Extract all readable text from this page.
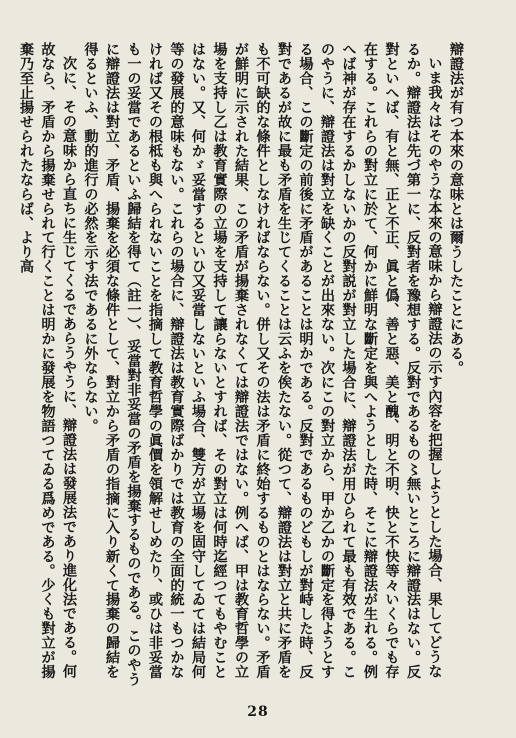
辯證法が有つ本來の意味とは爾うしたことにある。

いま我々はそのやうな本來の意味から辯證法の示す內容を把握しようとした場合、果してどうなるか。辯證法は先づ第一に、反對者を豫想する。反對であるもの〻無いところに辯證法はない。反對といへば、有と無、正と不正、眞と僞、善と惡、美と醜、明と不明、快と不快等々いくらでも存在する。これらの對立に於て、何かに鮮明な斷定を與へようとした時、そこに辯證法が生れる。例へば神が存在するかしないかの反對説が對立した場合に、辯證法が用ひられて最も有效である。このやうに、辯證法は對立を缺くことが出來ない。次にこの對立から、甲か乙かの斷定を得ようとする場合、この斷定の前後に矛盾があることは明かである。反對であるものどもしが對峙した時、反對であるが故に最も矛盾を生じてくることは云ふを俟たない。從つて、辯證法は對立と共に矛盾をも不可缺的な條件としなければならない。併し又その法は矛盾に終始するものとはならない。矛盾が鮮明に示された結果、この矛盾が揚棄されなくては辯證法ではない。例へば、甲は教育哲學の立場を支持し乙は教育實際の立場を支持して讓らないとすれば、その對立は何時迄經つてもやむことはない。又、何かゞ妥當するといひ又妥當しないといふ場合、雙方が立場を固守してゐては結局何等の發展的意味もない。これらの場合に、辯證法は教育實際ばかりでは教育の全面的統一もつかなければ又その根柢も與へられないことを指摘して教育哲學の眞價を領解せしめたり、或ひは非妥當も一の妥當であるといふ歸結を得て（註一）、妥當對非妥當の矛盾を揚棄するものである。このやうに辯證法は對立、矛盾、揚棄を必須な條件として、對立から矛盾の指摘に入り新くて揚棄の歸結を得るといふ、動的進行の必然を示す法であるに外ならない。

次に、その意味から直ちに生じてくるであらうやうに、辯證法は發展法であり進化法である。何故なら、矛盾から揚棄せられて行くことは明かに發展を物語つてゐる爲めである。少くも對立が揚棄乃至止揚せられたならば、より高

28
